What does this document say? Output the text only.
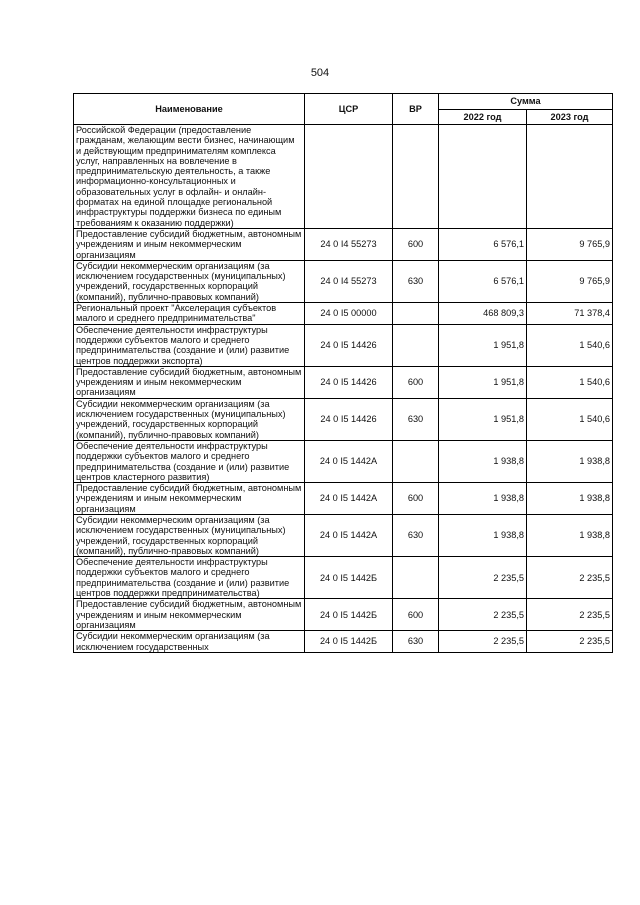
504
Наименование	ЦСР	ВР	Сумма	
			2022 год	2023 год
Российской Федерации (предоставление гражданам, желающим вести бизнес, начинающим и действующим предпринимателям комплекса услуг, направленных на вовлечение в предпринимательскую деятельность, а также информационно-консультационных и образовательных услуг в офлайн- и онлайн-форматах на единой площадке региональной инфраструктуры поддержки бизнеса по единым требованиям к оказанию поддержки)				
Предоставление субсидий бюджетным, автономным учреждениям и иным некоммерческим организациям	24 0 I4 55273	600	6 576,1	9 765,9
Субсидии некоммерческим организациям (за исключением государственных (муниципальных) учреждений, государственных корпораций (компаний), публично-правовых компаний)	24 0 I4 55273	630	6 576,1	9 765,9
Региональный проект "Акселерация субъектов малого и среднего предпринимательства"	24 0 I5 00000		468 809,3	71 378,4
Обеспечение деятельности инфраструктуры поддержки субъектов малого и среднего предпринимательства (создание и (или) развитие центров поддержки экспорта)	24 0 I5 14426		1 951,8	1 540,6
Предоставление субсидий бюджетным, автономным учреждениям и иным некоммерческим организациям	24 0 I5 14426	600	1 951,8	1 540,6
Субсидии некоммерческим организациям (за исключением государственных (муниципальных) учреждений, государственных корпораций (компаний), публично-правовых компаний)	24 0 I5 14426	630	1 951,8	1 540,6
Обеспечение деятельности инфраструктуры поддержки субъектов малого и среднего предпринимательства (создание и (или) развитие центров кластерного развития)	24 0 I5 1442А		1 938,8	1 938,8
Предоставление субсидий бюджетным, автономным учреждениям и иным некоммерческим организациям	24 0 I5 1442А	600	1 938,8	1 938,8
Субсидии некоммерческим организациям (за исключением государственных (муниципальных) учреждений, государственных корпораций (компаний), публично-правовых компаний)	24 0 I5 1442А	630	1 938,8	1 938,8
Обеспечение деятельности инфраструктуры поддержки субъектов малого и среднего предпринимательства (создание и (или) развитие центров поддержки предпринимательства)	24 0 I5 1442Б		2 235,5	2 235,5
Предоставление субсидий бюджетным, автономным учреждениям и иным некоммерческим организациям	24 0 I5 1442Б	600	2 235,5	2 235,5
Субсидии некоммерческим организациям (за исключением государственных	24 0 I5 1442Б	630	2 235,5	2 235,5
